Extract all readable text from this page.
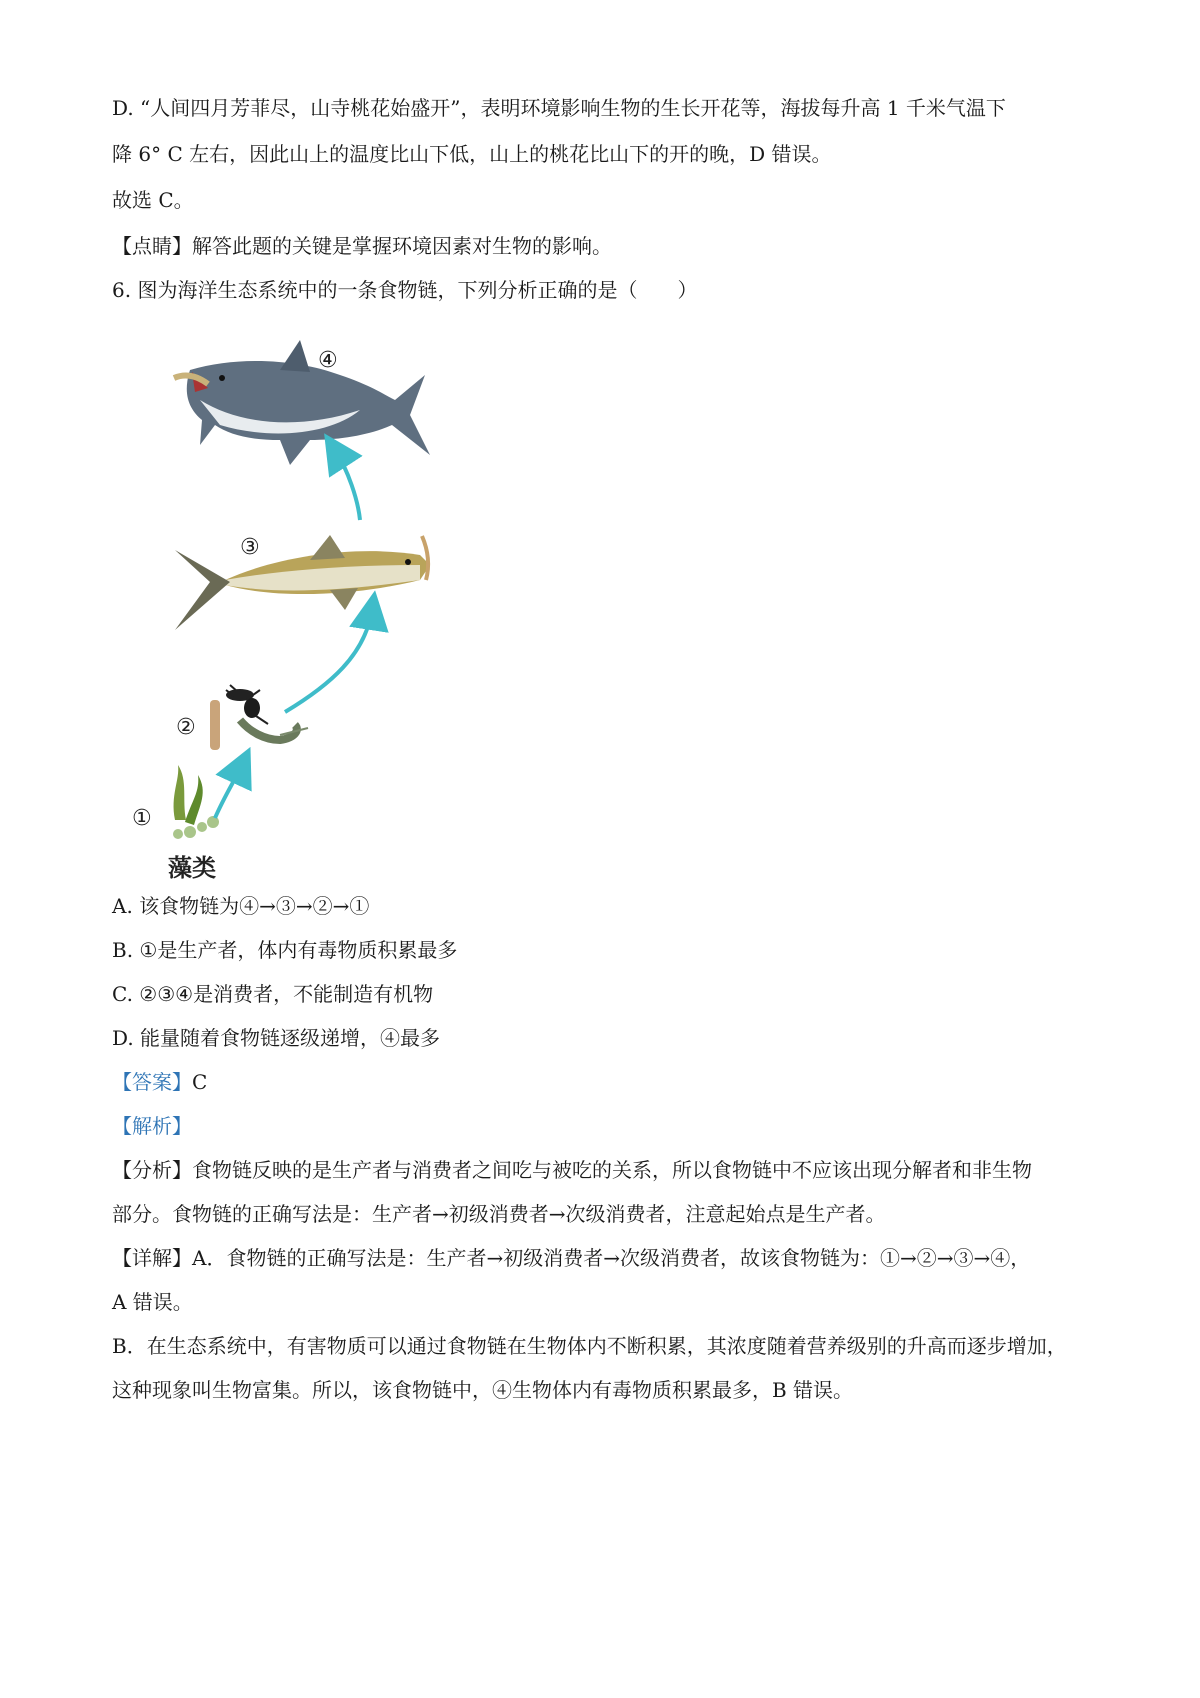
D. “人间四月芳菲尽，山寺桃花始盛开”，表明环境影响生物的生长开花等，海拔每升高 1 千米气温下
降 6° C 左右，因此山上的温度比山下低，山上的桃花比山下的开的晚，D 错误。
故选 C。
【点睛】解答此题的关键是掌握环境因素对生物的影响。
6. 图为海洋生态系统中的一条食物链，下列分析正确的是（　　）
④
③
②
①
藻类
A. 该食物链为④→③→②→①
B. ①是生产者，体内有毒物质积累最多
C. ②③④是消费者，不能制造有机物
D. 能量随着食物链逐级递增，④最多
【答案】C
【解析】
【分析】食物链反映的是生产者与消费者之间吃与被吃的关系，所以食物链中不应该出现分解者和非生物
部分。食物链的正确写法是：生产者→初级消费者→次级消费者，注意起始点是生产者。
【详解】A．食物链的正确写法是：生产者→初级消费者→次级消费者，故该食物链为：①→②→③→④，
A 错误。
B．在生态系统中，有害物质可以通过食物链在生物体内不断积累，其浓度随着营养级别的升高而逐步增加，
这种现象叫生物富集。所以，该食物链中，④生物体内有毒物质积累最多，B 错误。
